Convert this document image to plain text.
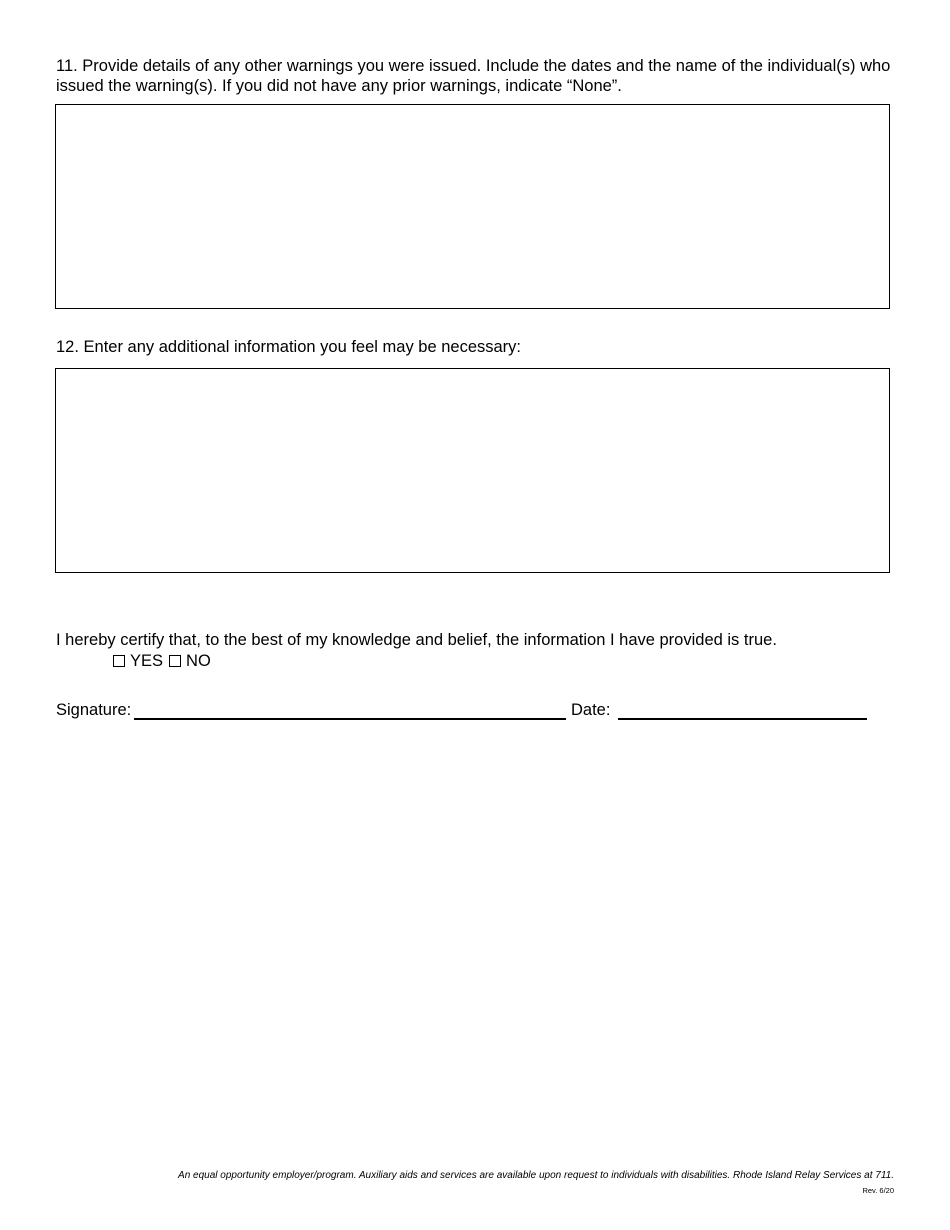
11. Provide details of any other warnings you were issued. Include the dates and the name of the individual(s) who issued the warning(s). If you did not have any prior warnings, indicate “None”.
12. Enter any additional information you feel may be necessary:
I hereby certify that, to the best of my knowledge and belief, the information I have provided is true.
YES NO
Signature:	Date:
An equal opportunity employer/program. Auxiliary aids and services are available upon request to individuals with disabilities. Rhode Island Relay Services at 711.
Rev. 6/20
